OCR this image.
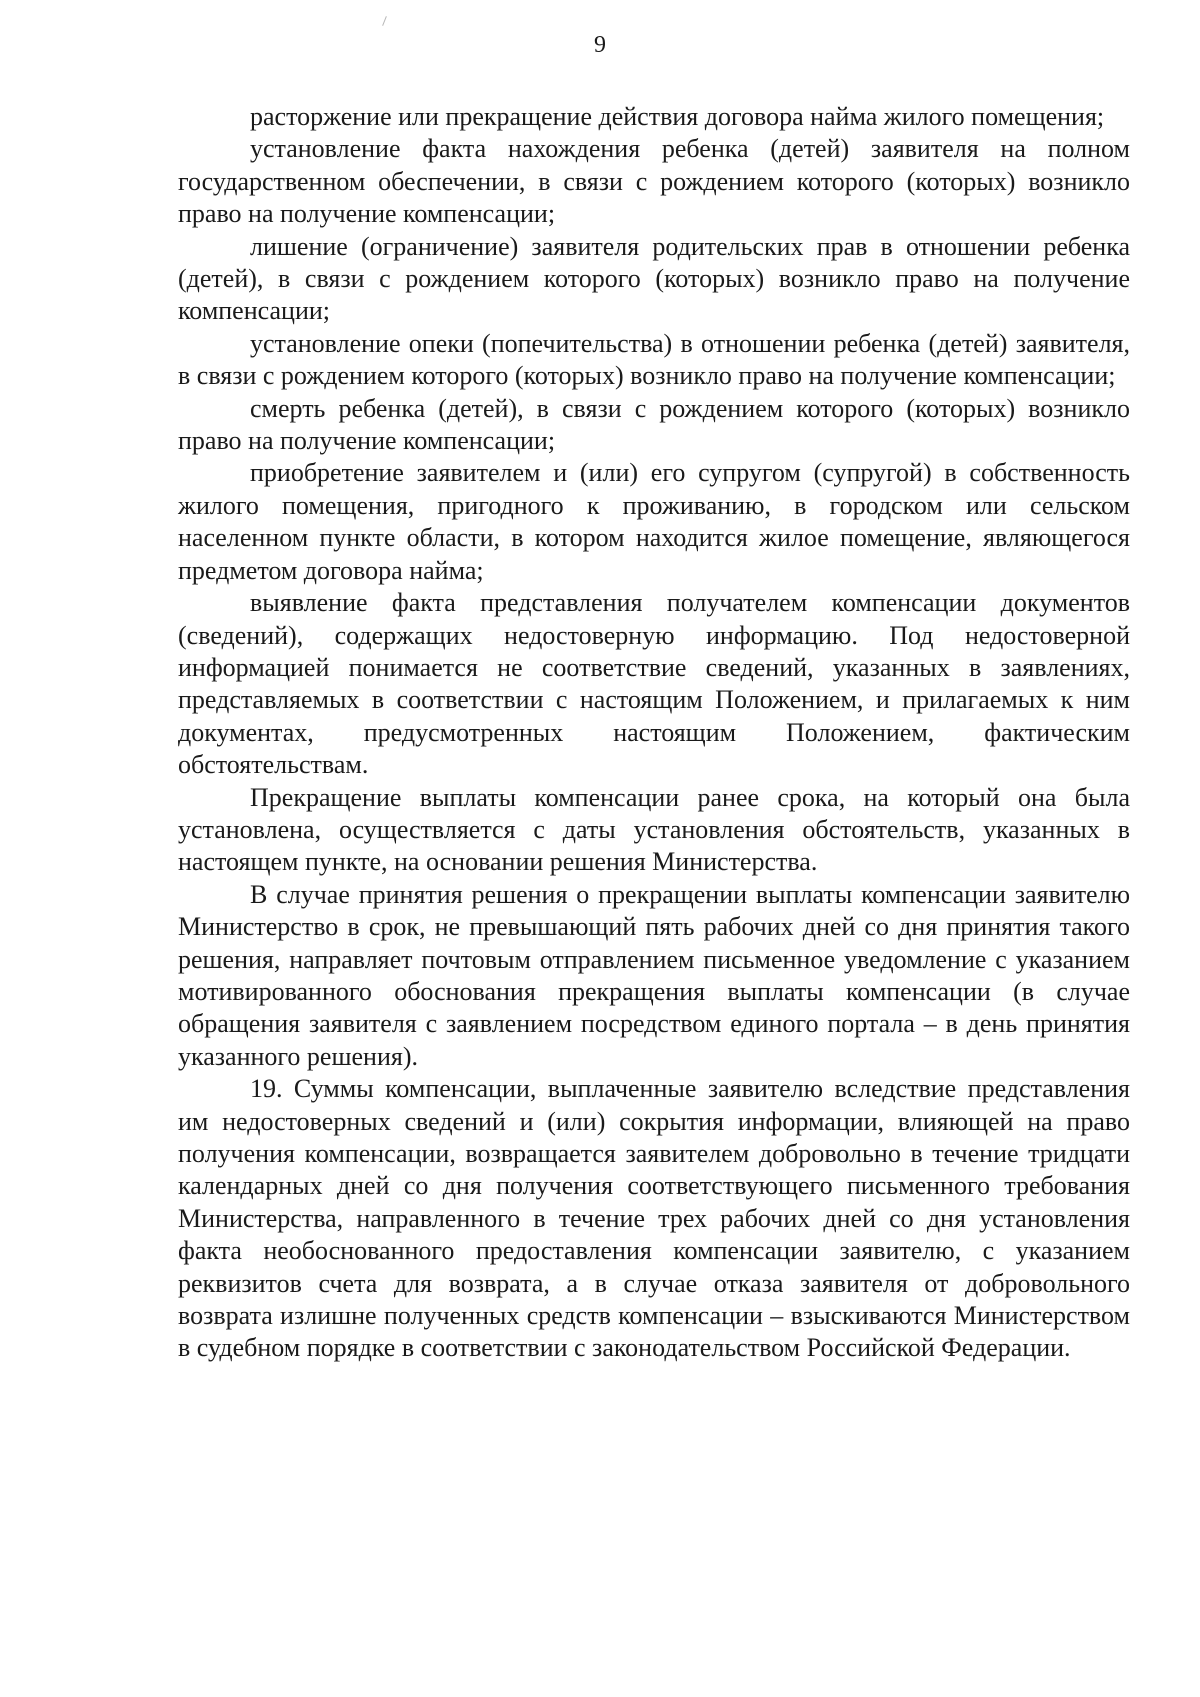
9

расторжение или прекращение действия договора найма жилого помещения;

установление факта нахождения ребенка (детей) заявителя на полном государственном обеспечении, в связи с рождением которого (которых) возникло право на получение компенсации;

лишение (ограничение) заявителя родительских прав в отношении ребенка (детей), в связи с рождением которого (которых) возникло право на получение компенсации;

установление опеки (попечительства) в отношении ребенка (детей) заявителя, в связи с рождением которого (которых) возникло право на получение компенсации;

смерть ребенка (детей), в связи с рождением которого (которых) возникло право на получение компенсации;

приобретение заявителем и (или) его супругом (супругой) в собственность жилого помещения, пригодного к проживанию, в городском или сельском населенном пункте области, в котором находится жилое помещение, являющегося предметом договора найма;

выявление факта представления получателем компенсации документов (сведений), содержащих недостоверную информацию. Под недостоверной информацией понимается не соответствие сведений, указанных в заявлениях, представляемых в соответствии с настоящим Положением, и прилагаемых к ним документах, предусмотренных настоящим Положением, фактическим обстоятельствам.

Прекращение выплаты компенсации ранее срока, на который она была установлена, осуществляется с даты установления обстоятельств, указанных в настоящем пункте, на основании решения Министерства.

В случае принятия решения о прекращении выплаты компенсации заявителю Министерство в срок, не превышающий пять рабочих дней со дня принятия такого решения, направляет почтовым отправлением письменное уведомление с указанием мотивированного обоснования прекращения выплаты компенсации (в случае обращения заявителя с заявлением посредством единого портала – в день принятия указанного решения).

19. Суммы компенсации, выплаченные заявителю вследствие представления им недостоверных сведений и (или) сокрытия информации, влияющей на право получения компенсации, возвращается заявителем добровольно в течение тридцати календарных дней со дня получения соответствующего письменного требования Министерства, направленного в течение трех рабочих дней со дня установления факта необоснованного предоставления компенсации заявителю, с указанием реквизитов счета для возврата, а в случае отказа заявителя от добровольного возврата излишне полученных средств компенсации – взыскиваются Министерством в судебном порядке в соответствии с законодательством Российской Федерации.
